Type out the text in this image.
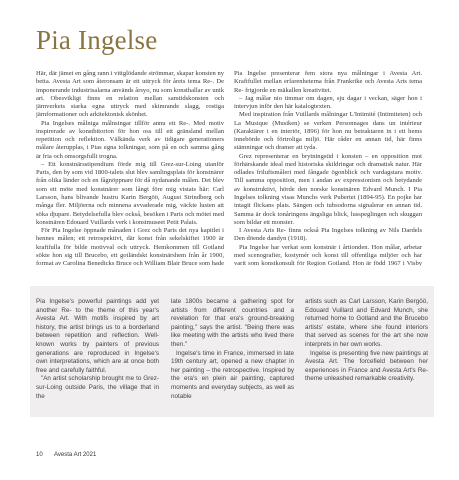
Pia Ingelse

Här, där jämet en gång rann i vittglödande strömmar, skapar konsten ny betta. Avesta Art som återonsam är ett uttryck för årets tema Re-. De imponerande industrisalarna används årsyo, nu som konsthallar av unik art. Obesvikligt finns en relation mellan samtidskonsten och järnverkets starka egna uttryck med skimrande slagg, rostiga järnformationer och arkitektonisk skönhet.

Pia Ingelses målniga målnsingar tillför annu ett Re-. Med motiv inspirerade av konstbitorion för hon oss till ett gränsland mellan repetition och reflektion. Välkända verk av tidigare generationers målare återupplas, i Pias egna tolkningar, som på en och samma gång är fria och omsorgsfullt trogna.

– Ett konstnärsstipendium förde mig till Grez-sur-Loing utanför Paris, den by som vid 1800-talets slut blev samlingsplats för konstnärer från olika länder och en fågnöppnare för då nydanande målen. Det blev som ett möte med konstnärer som långt före mig vistats här: Carl Larsson, hans blivande hustru Karin Bergöö, August Strindberg och många fler. Miljöerna och minnena avvaderade mig, väckte lusten att söka djupare. Betydelsefulla blev också, besöken i Paris och mötet med konstnären Edouard Vuillards verk i konstmuseet Petit Palais.

För Pia Ingelse öppnade månaden i Grez och Paris det nya kapitlet i hennes målen; ett retrospektivt, där konst från sekelskiftet 1900 är kraftfulla för bilde motivval och uttryck. Hemkommen till Gotland sökte hon sig till Brucebo, ett gotländskt konstnärshem från år 1900, format av Carolina Benedicks Bruce och William Blair Bruce som hade

Pia Ingelse presenterar fem stora nya målningar i Avesta Art. Kraftfullet mellan erfarenheterna från Frankrike och Avesta Arts tema Re- frigjorde en mäkallen kreativitet.

– Jag målar nio timmar om dagen, sju dagar i veckan, säger hon i intervjun inför den här katalogtexten.

Med inspiration från Vuillards målningar L'Intimité (Intimiteten) och La Musique (Musiken) se verken Personnages dans un intérieur (Karaktärer i en interiör, 1896) för hon nu betraktaren in i ett hems innebörde och förtroliga miljö. Här råder en annan tid, här finns stämningar och dramer att tyda.

Grez representerar en brytningstid i konsten – en opposition mot förhärskande ideal med historiska skildringar och dramatisk natur. Här odlades friluftsmåleri med fångade ögonblick och vardagstara motiv. Till samma opposition, men i andan av expressionism och betydande av konstruktivi, hörde den norske konstnären Edvard Munch. I Pia Ingelses tolkning visas Munchs verk Pubertet (1894-95). En pojke har intagit flickans plats. Sängen och tubsodorna signalerar en annan tid. Samma är dock tonåringens ängsliga blick, lusspeglingen och skuggan som bildar ett monster.

I Avesta Arts Re- finns också Pia Ingelses tolkning av Nils Dardels Den döende dandyn (1918).

Pia Ingelse har verkat som konstnär i årtionden. Hon målar, arbetar med scenografier, kostymér och konst till offentliga miljöer och har varit som konstkonsult för Region Gotland. Hon är född 1967 i Visby

Pia Ingelse's powerful paintings add yet another Re- to the theme of this year's Avesta Art. With motifs inspired by art history, the artist brings us to a borderland between repetition and reflection. Well-known works by painters of previous generations are reproduced in Ingelse's own interpretations, which are at once both free and carefully faithful.

"An artist scholarship brought me to Grez-sur-Loing outside Paris, the village that in the

late 1800s became a gathering spot for artists from different countries and a revelation for that era's ground-breaking painting," says the artist. "Being there was like meeting with the artists who lived there then."

Ingelse's time in France, immersed in late 19th century art, opened a new chapter in her painting – the retrospective. Inspired by the era's en plein air painting, captured moments and everyday subjects, as well as notable

artists such as Carl Larsson, Karin Bergöö, Edouard Vuillard and Edvard Munch, she returned home to Gotland and the Brucebo artists' estate, where she found interiors that served as scenes for the art she now interprets in her own works.

Ingelse is presenting five new paintings at Avesta Art. The forcefield between her experiences in France and Avesta Art's Re-theme unleashed remarkable creativity.

10 Avesta Art 2021
